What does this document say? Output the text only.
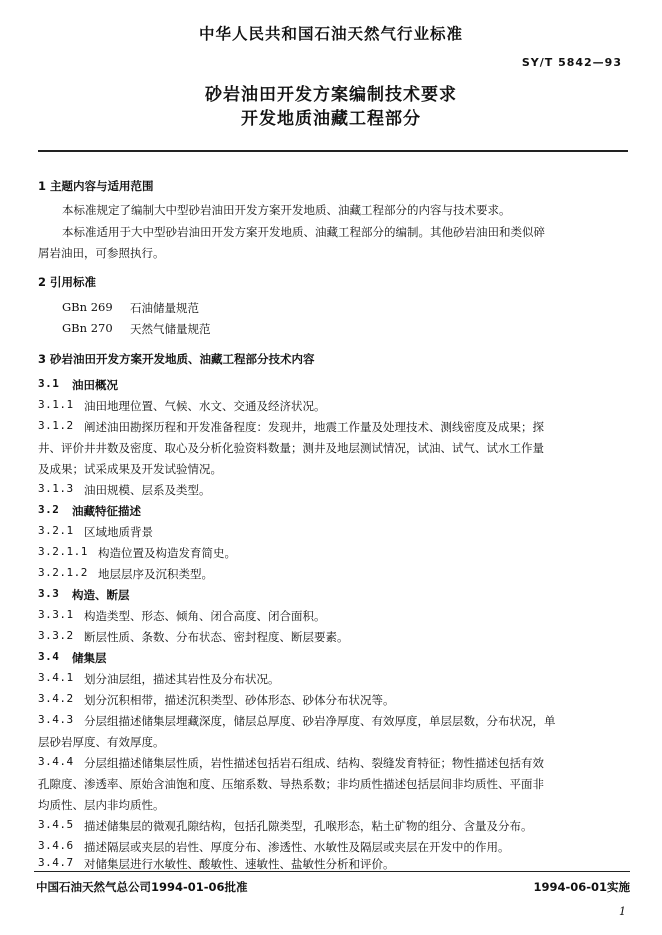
中华人民共和国石油天然气行业标准
SY/T 5842—93
砂岩油田开发方案编制技术要求
开发地质油藏工程部分
1 主题内容与适用范围
本标准规定了编制大中型砂岩油田开发方案开发地质、油藏工程部分的内容与技术要求。
本标准适用于大中型砂岩油田开发方案开发地质、油藏工程部分的编制。其他砂岩油田和类似碎
屑岩油田，可参照执行。
2 引用标准
GBn 269 石油储量规范
GBn 270 天然气储量规范
3 砂岩油田开发方案开发地质、油藏工程部分技术内容
3.1 油田概况
3.1.1 油田地理位置、气候、水文、交通及经济状况。
3.1.2 阐述油田勘探历程和开发准备程度：发现井，地震工作量及处理技术、测线密度及成果；探
井、评价井井数及密度、取心及分析化验资料数量；测井及地层测试情况，试油、试气、试水工作量
及成果；试采成果及开发试验情况。
3.1.3 油田规模、层系及类型。
3.2 油藏特征描述
3.2.1 区域地质背景
3.2.1.1 构造位置及构造发育简史。
3.2.1.2 地层层序及沉积类型。
3.3 构造、断层
3.3.1 构造类型、形态、倾角、闭合高度、闭合面积。
3.3.2 断层性质、条数、分布状态、密封程度、断层要素。
3.4 储集层
3.4.1 划分油层组，描述其岩性及分布状况。
3.4.2 划分沉积相带，描述沉积类型、砂体形态、砂体分布状况等。
3.4.3 分层组描述储集层埋藏深度，储层总厚度、砂岩净厚度、有效厚度，单层层数，分布状况，单
层砂岩厚度、有效厚度。
3.4.4 分层组描述储集层性质，岩性描述包括岩石组成、结构、裂缝发育特征；物性描述包括有效
孔隙度、渗透率、原始含油饱和度、压缩系数、导热系数；非均质性描述包括层间非均质性、平面非
均质性、层内非均质性。
3.4.5 描述储集层的微观孔隙结构，包括孔隙类型，孔喉形态，粘土矿物的组分、含量及分布。
3.4.6 描述隔层或夹层的岩性、厚度分布、渗透性、水敏性及隔层或夹层在开发中的作用。
3.4.7 对储集层进行水敏性、酸敏性、速敏性、盐敏性分析和评价。
中国石油天然气总公司1994-01-06批准	1994-06-01实施
1
